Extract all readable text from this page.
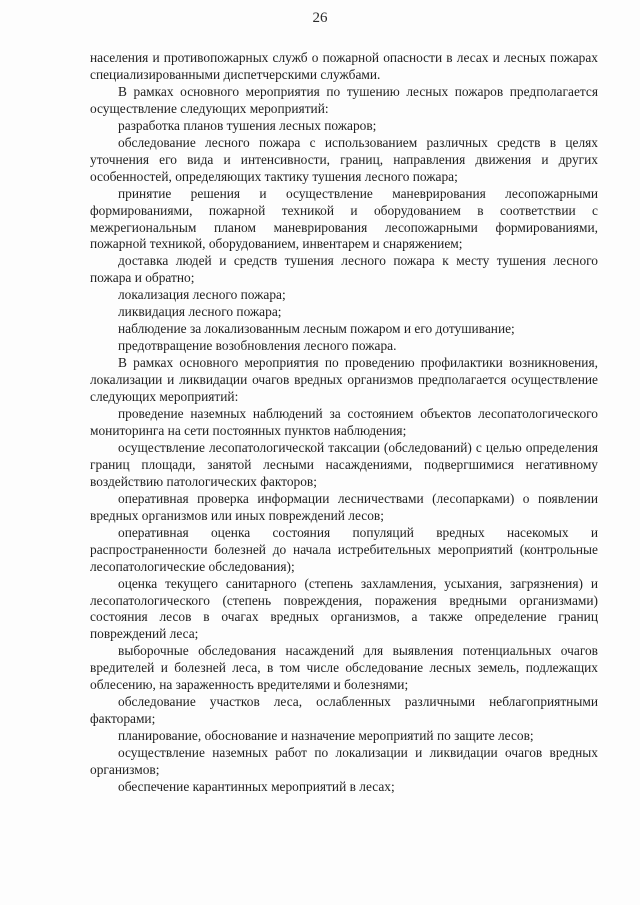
26

населения и противопожарных служб о пожарной опасности в лесах и лесных пожарах специализированными диспетчерскими службами.

В рамках основного мероприятия по тушению лесных пожаров предполагается осуществление следующих мероприятий:

разработка планов тушения лесных пожаров;

обследование лесного пожара с использованием различных средств в целях уточнения его вида и интенсивности, границ, направления движения и других особенностей, определяющих тактику тушения лесного пожара;

принятие решения и осуществление маневрирования лесопожарными формированиями, пожарной техникой и оборудованием в соответствии с межрегиональным планом маневрирования лесопожарными формированиями, пожарной техникой, оборудованием, инвентарем и снаряжением;

доставка людей и средств тушения лесного пожара к месту тушения лесного пожара и обратно;

локализация лесного пожара;

ликвидация лесного пожара;

наблюдение за локализованным лесным пожаром и его дотушивание;

предотвращение возобновления лесного пожара.

В рамках основного мероприятия по проведению профилактики возникновения, локализации и ликвидации очагов вредных организмов предполагается осуществление следующих мероприятий:

проведение наземных наблюдений за состоянием объектов лесопатологического мониторинга на сети постоянных пунктов наблюдения;

осуществление лесопатологической таксации (обследований) с целью определения границ площади, занятой лесными насаждениями, подвергшимися негативному воздействию патологических факторов;

оперативная проверка информации лесничествами (лесопарками) о появлении вредных организмов или иных повреждений лесов;

оперативная оценка состояния популяций вредных насекомых и распространенности болезней до начала истребительных мероприятий (контрольные лесопатологические обследования);

оценка текущего санитарного (степень захламления, усыхания, загрязнения) и лесопатологического (степень повреждения, поражения вредными организмами) состояния лесов в очагах вредных организмов, а также определение границ повреждений леса;

выборочные обследования насаждений для выявления потенциальных очагов вредителей и болезней леса, в том числе обследование лесных земель, подлежащих облесению, на зараженность вредителями и болезнями;

обследование участков леса, ослабленных различными неблагоприятными факторами;

планирование, обоснование и назначение мероприятий по защите лесов;

осуществление наземных работ по локализации и ликвидации очагов вредных организмов;

обеспечение карантинных мероприятий в лесах;
